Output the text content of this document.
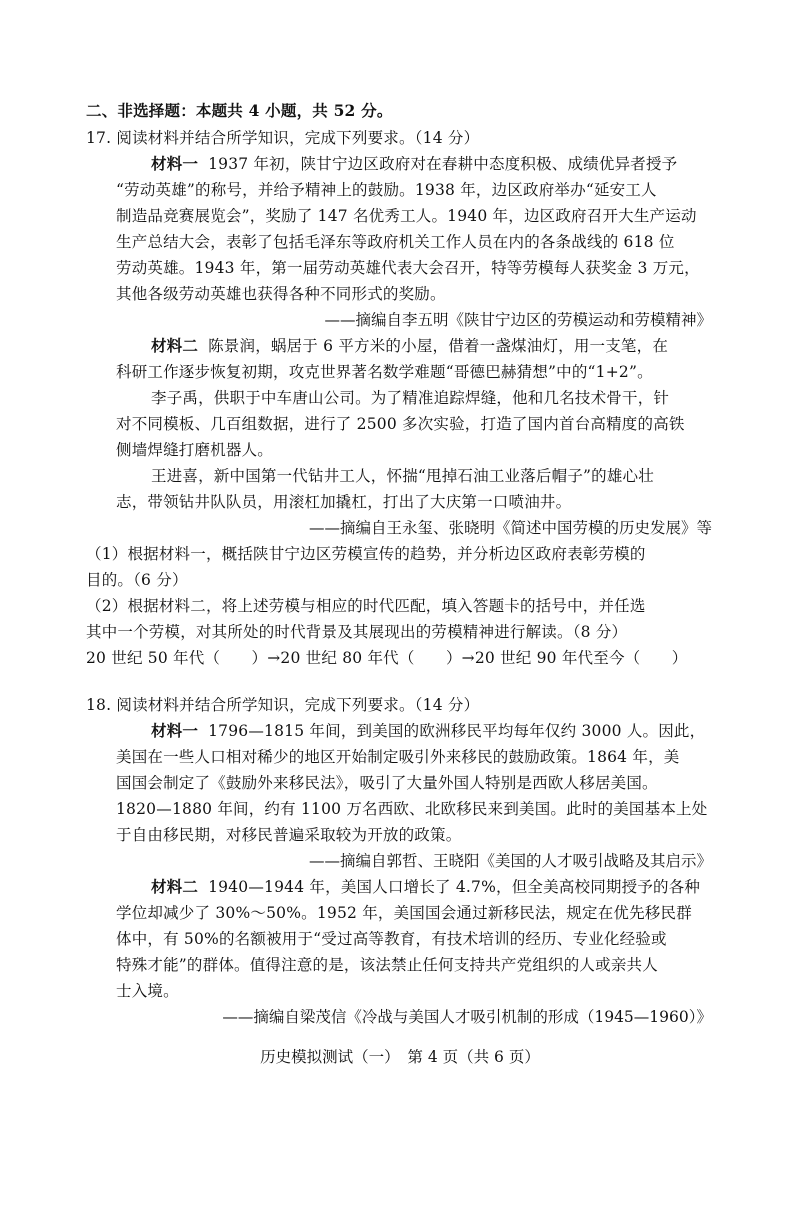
二、非选择题：本题共 4 小题，共 52 分。
17. 阅读材料并结合所学知识，完成下列要求。（14 分）
材料一 1937 年初，陕甘宁边区政府对在春耕中态度积极、成绩优异者授予
“劳动英雄”的称号，并给予精神上的鼓励。1938 年，边区政府举办“延安工人
制造品竞赛展览会”，奖励了 147 名优秀工人。1940 年，边区政府召开大生产运动
生产总结大会，表彰了包括毛泽东等政府机关工作人员在内的各条战线的 618 位
劳动英雄。1943 年，第一届劳动英雄代表大会召开，特等劳模每人获奖金 3 万元，
其他各级劳动英雄也获得各种不同形式的奖励。
——摘编自李五明《陕甘宁边区的劳模运动和劳模精神》
材料二 陈景润，蜗居于 6 平方米的小屋，借着一盏煤油灯，用一支笔，在
科研工作逐步恢复初期，攻克世界著名数学难题“哥德巴赫猜想”中的“1+2”。
李子禹，供职于中车唐山公司。为了精准追踪焊缝，他和几名技术骨干，针
对不同模板、几百组数据，进行了 2500 多次实验，打造了国内首台高精度的高铁
侧墙焊缝打磨机器人。
王进喜，新中国第一代钻井工人，怀揣“甩掉石油工业落后帽子”的雄心壮
志，带领钻井队队员，用滚杠加撬杠，打出了大庆第一口喷油井。
——摘编自王永玺、张晓明《简述中国劳模的历史发展》等
（1）根据材料一，概括陕甘宁边区劳模宣传的趋势，并分析边区政府表彰劳模的
目的。（6 分）
（2）根据材料二，将上述劳模与相应的时代匹配，填入答题卡的括号中，并任选
其中一个劳模，对其所处的时代背景及其展现出的劳模精神进行解读。（8 分）
20 世纪 50 年代（　　）→20 世纪 80 年代（　　）→20 世纪 90 年代至今（　　）
18. 阅读材料并结合所学知识，完成下列要求。（14 分）
材料一 1796—1815 年间，到美国的欧洲移民平均每年仅约 3000 人。因此，
美国在一些人口相对稀少的地区开始制定吸引外来移民的鼓励政策。1864 年，美
国国会制定了《鼓励外来移民法》，吸引了大量外国人特别是西欧人移居美国。
1820—1880 年间，约有 1100 万名西欧、北欧移民来到美国。此时的美国基本上处
于自由移民期，对移民普遍采取较为开放的政策。
——摘编自郭哲、王晓阳《美国的人才吸引战略及其启示》
材料二 1940—1944 年，美国人口增长了 4.7%，但全美高校同期授予的各种
学位却减少了 30%～50%。1952 年，美国国会通过新移民法，规定在优先移民群
体中，有 50%的名额被用于“受过高等教育，有技术培训的经历、专业化经验或
特殊才能”的群体。值得注意的是，该法禁止任何支持共产党组织的人或亲共人
士入境。
——摘编自梁茂信《冷战与美国人才吸引机制的形成（1945—1960）》
历史模拟测试（一）　第 4 页（共 6 页）
